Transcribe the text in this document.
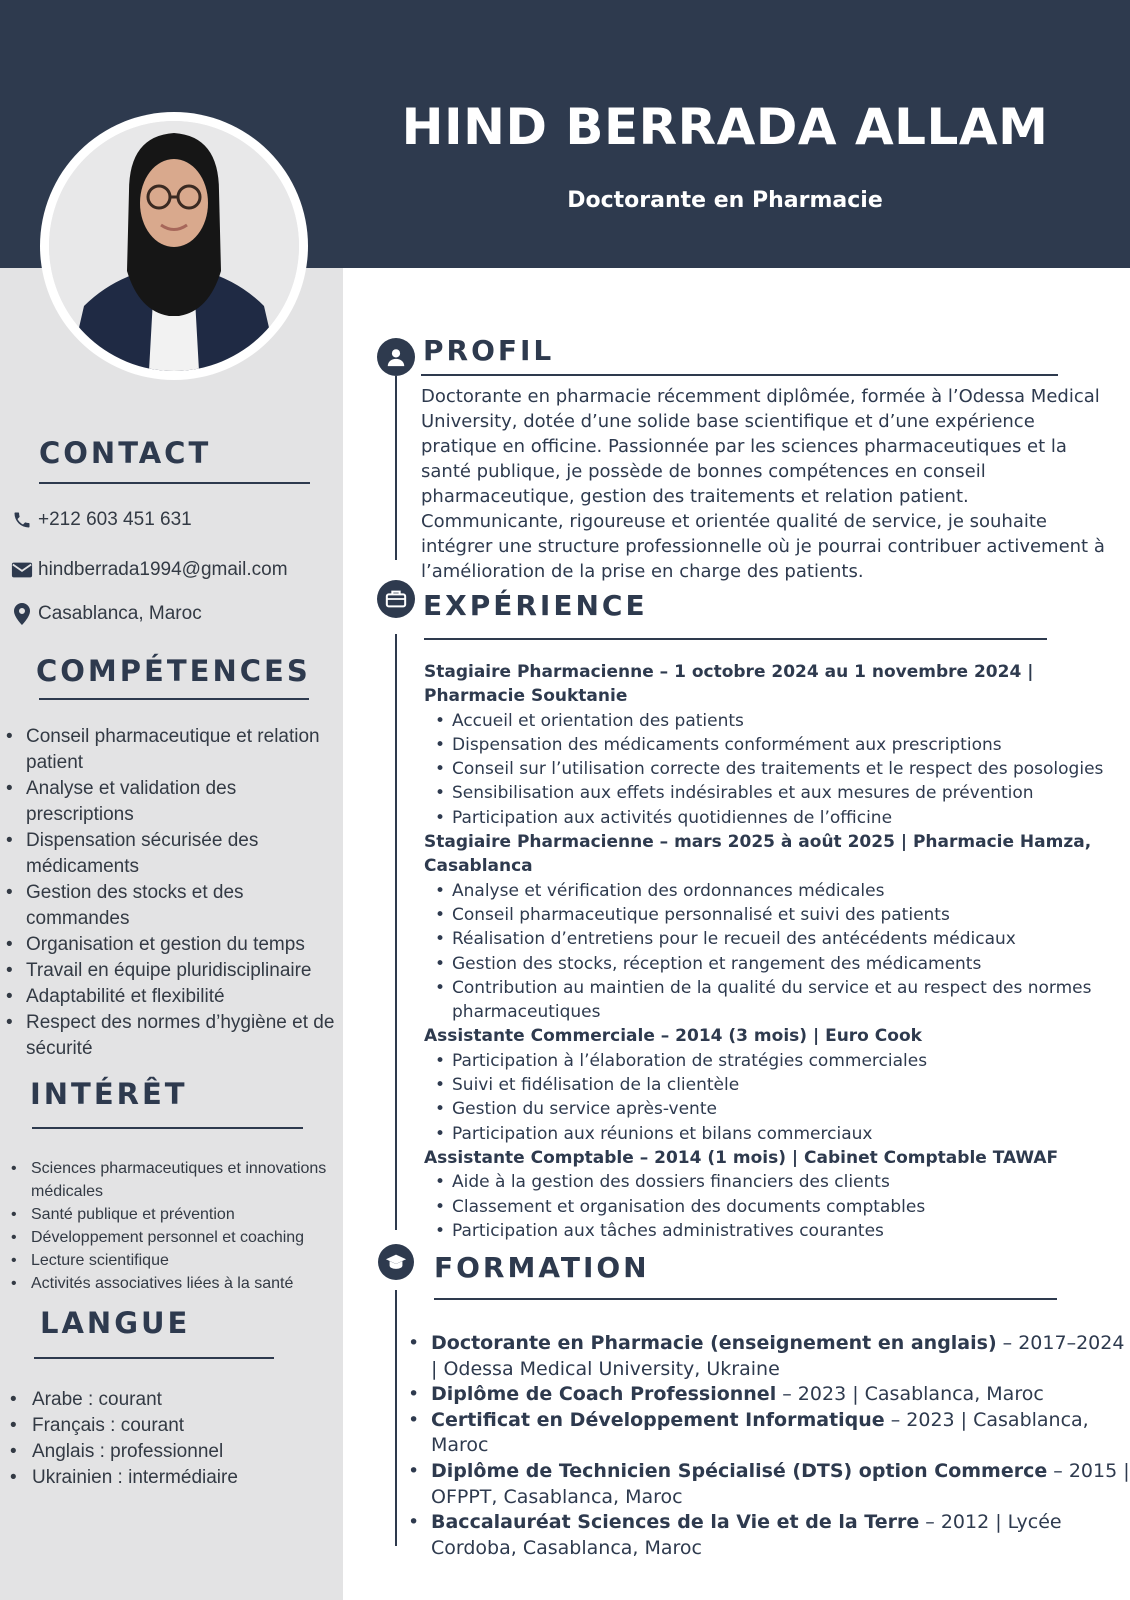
HIND BERRADA ALLAM
Doctorante en Pharmacie
CONTACT
+212 603 451 631
hindberrada1994@gmail.com
Casablanca, Maroc
COMPÉTENCES
• Conseil pharmaceutique et relation patient
• Analyse et validation des prescriptions
• Dispensation sécurisée des médicaments
• Gestion des stocks et des commandes
• Organisation et gestion du temps
• Travail en équipe pluridisciplinaire
• Adaptabilité et flexibilité
• Respect des normes d’hygiène et de sécurité
INTÉRÊT
• Sciences pharmaceutiques et innovations médicales
• Santé publique et prévention
• Développement personnel et coaching
• Lecture scientifique
• Activités associatives liées à la santé
LANGUE
• Arabe : courant
• Français : courant
• Anglais : professionnel
• Ukrainien : intermédiaire
PROFIL
Doctorante en pharmacie récemment diplômée, formée à l’Odessa Medical University, dotée d’une solide base scientifique et d’une expérience pratique en officine. Passionnée par les sciences pharmaceutiques et la santé publique, je possède de bonnes compétences en conseil pharmaceutique, gestion des traitements et relation patient. Communicante, rigoureuse et orientée qualité de service, je souhaite intégrer une structure professionnelle où je pourrai contribuer activement à l’amélioration de la prise en charge des patients.
EXPÉRIENCE
Stagiaire Pharmacienne – 1 octobre 2024 au 1 novembre 2024 | Pharmacie Souktanie
• Accueil et orientation des patients
• Dispensation des médicaments conformément aux prescriptions
• Conseil sur l’utilisation correcte des traitements et le respect des posologies
• Sensibilisation aux effets indésirables et aux mesures de prévention
• Participation aux activités quotidiennes de l’officine
Stagiaire Pharmacienne – mars 2025 à août 2025 | Pharmacie Hamza, Casablanca
• Analyse et vérification des ordonnances médicales
• Conseil pharmaceutique personnalisé et suivi des patients
• Réalisation d’entretiens pour le recueil des antécédents médicaux
• Gestion des stocks, réception et rangement des médicaments
• Contribution au maintien de la qualité du service et au respect des normes pharmaceutiques
Assistante Commerciale – 2014 (3 mois) | Euro Cook
• Participation à l’élaboration de stratégies commerciales
• Suivi et fidélisation de la clientèle
• Gestion du service après-vente
• Participation aux réunions et bilans commerciaux
Assistante Comptable – 2014 (1 mois) | Cabinet Comptable TAWAF
• Aide à la gestion des dossiers financiers des clients
• Classement et organisation des documents comptables
• Participation aux tâches administratives courantes
FORMATION
• Doctorante en Pharmacie (enseignement en anglais) – 2017–2024 | Odessa Medical University, Ukraine
• Diplôme de Coach Professionnel – 2023 | Casablanca, Maroc
• Certificat en Développement Informatique – 2023 | Casablanca, Maroc
• Diplôme de Technicien Spécialisé (DTS) option Commerce – 2015 | OFPPT, Casablanca, Maroc
• Baccalauréat Sciences de la Vie et de la Terre – 2012 | Lycée Cordoba, Casablanca, Maroc
